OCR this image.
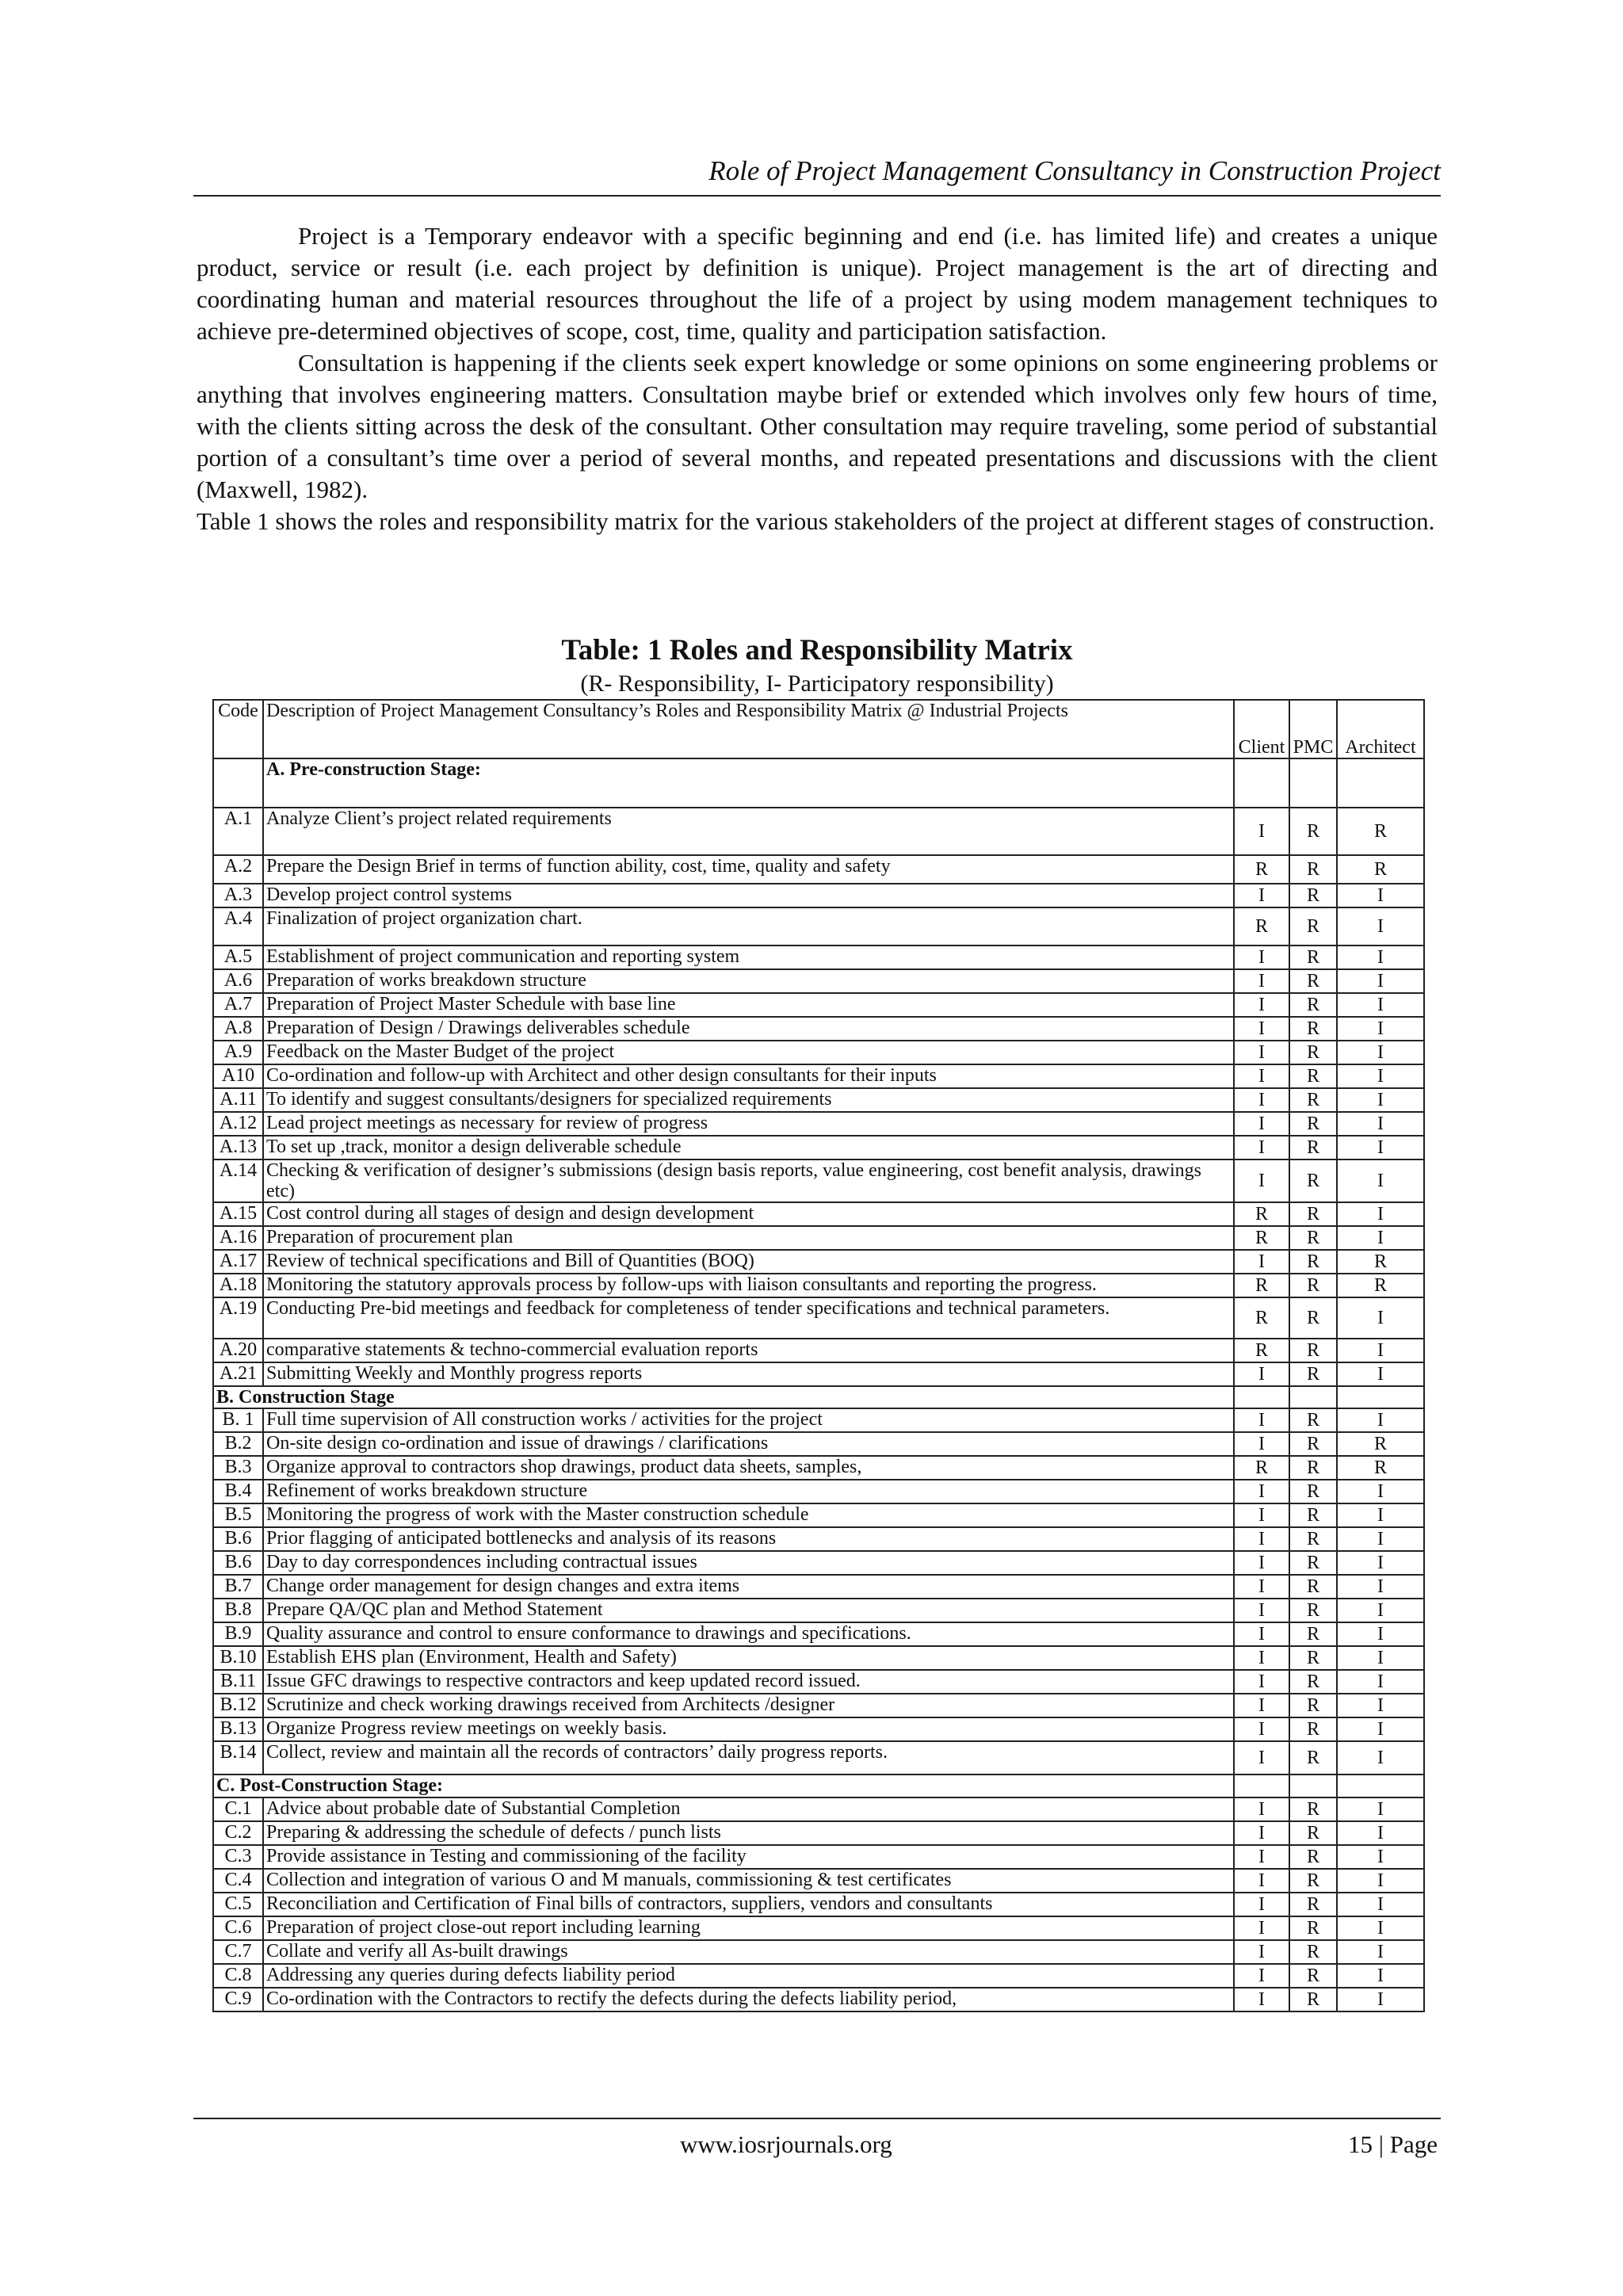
Role of Project Management Consultancy in Construction Project

Project is a Temporary endeavor with a specific beginning and end (i.e. has limited life) and creates a unique product, service or result (i.e. each project by definition is unique). Project management is the art of directing and coordinating human and material resources throughout the life of a project by using modem management techniques to achieve pre-determined objectives of scope, cost, time, quality and participation satisfaction.

Consultation is happening if the clients seek expert knowledge or some opinions on some engineering problems or anything that involves engineering matters. Consultation maybe brief or extended which involves only few hours of time, with the clients sitting across the desk of the consultant. Other consultation may require traveling, some period of substantial portion of a consultant’s time over a period of several months, and repeated presentations and discussions with the client (Maxwell, 1982).

Table 1 shows the roles and responsibility matrix for the various stakeholders of the project at different stages of construction.

Table: 1 Roles and Responsibility Matrix
(R- Responsibility, I- Participatory responsibility)
Code	Description of Project Management Consultancy’s Roles and Responsibility Matrix @ Industrial Projects	Client	PMC	Architect
	A. Pre-construction Stage:			
A.1	Analyze Client’s project related requirements	I	R	R
A.2	Prepare the Design Brief in terms of function ability, cost, time, quality and safety	R	R	R
A.3	Develop project control systems	I	R	I
A.4	Finalization of project organization chart.	R	R	I
A.5	Establishment of project communication and reporting system	I	R	I
A.6	Preparation of works breakdown structure	I	R	I
A.7	Preparation of Project Master Schedule with base line	I	R	I
A.8	Preparation of Design / Drawings deliverables schedule	I	R	I
A.9	Feedback on the Master Budget of the project	I	R	I
A10	Co-ordination and follow-up with Architect and other design consultants for their inputs	I	R	I
A.11	To identify and suggest consultants/designers for specialized requirements	I	R	I
A.12	Lead project meetings as necessary for review of progress	I	R	I
A.13	To set up ,track, monitor a design deliverable schedule	I	R	I
A.14	Checking & verification of designer’s submissions (design basis reports, value engineering, cost benefit analysis, drawings etc)	I	R	I
A.15	Cost control during all stages of design and design development	R	R	I
A.16	Preparation of procurement plan	R	R	I
A.17	Review of technical specifications and Bill of Quantities (BOQ)	I	R	R
A.18	Monitoring the statutory approvals process by follow-ups with liaison consultants and reporting the progress.	R	R	R
A.19	Conducting Pre-bid meetings and feedback for completeness of tender specifications and technical parameters.	R	R	I
A.20	comparative statements & techno-commercial evaluation reports	R	R	I
A.21	Submitting Weekly and Monthly progress reports	I	R	I
B. Construction Stage				
B. 1	Full time supervision of All construction works / activities for the project	I	R	I
B.2	On-site design co-ordination and issue of drawings / clarifications	I	R	R
B.3	Organize approval to contractors shop drawings, product data sheets, samples,	R	R	R
B.4	Refinement of works breakdown structure	I	R	I
B.5	Monitoring the progress of work with the Master construction schedule	I	R	I
B.6	Prior flagging of anticipated bottlenecks and analysis of its reasons	I	R	I
B.6	Day to day correspondences including contractual issues	I	R	I
B.7	Change order management for design changes and extra items	I	R	I
B.8	Prepare QA/QC plan and Method Statement	I	R	I
B.9	Quality assurance and control to ensure conformance to drawings and specifications.	I	R	I
B.10	Establish EHS plan (Environment, Health and Safety)	I	R	I
B.11	Issue GFC drawings to respective contractors and keep updated record issued.	I	R	I
B.12	Scrutinize and check working drawings received from Architects /designer	I	R	I
B.13	Organize Progress review meetings on weekly basis.	I	R	I
B.14	Collect, review and maintain all the records of contractors’ daily progress reports.	I	R	I
C. Post-Construction Stage:				
C.1	Advice about probable date of Substantial Completion	I	R	I
C.2	Preparing & addressing the schedule of defects / punch lists	I	R	I
C.3	Provide assistance in Testing and commissioning of the facility	I	R	I
C.4	Collection and integration of various O and M manuals, commissioning & test certificates	I	R	I
C.5	Reconciliation and Certification of Final bills of contractors, suppliers, vendors and consultants	I	R	I
C.6	Preparation of project close-out report including learning	I	R	I
C.7	Collate and verify all As-built drawings	I	R	I
C.8	Addressing any queries during defects liability period	I	R	I
C.9	Co-ordination with the Contractors to rectify the defects during the defects liability period,	I	R	I
www.iosrjournals.org	15 | Page
